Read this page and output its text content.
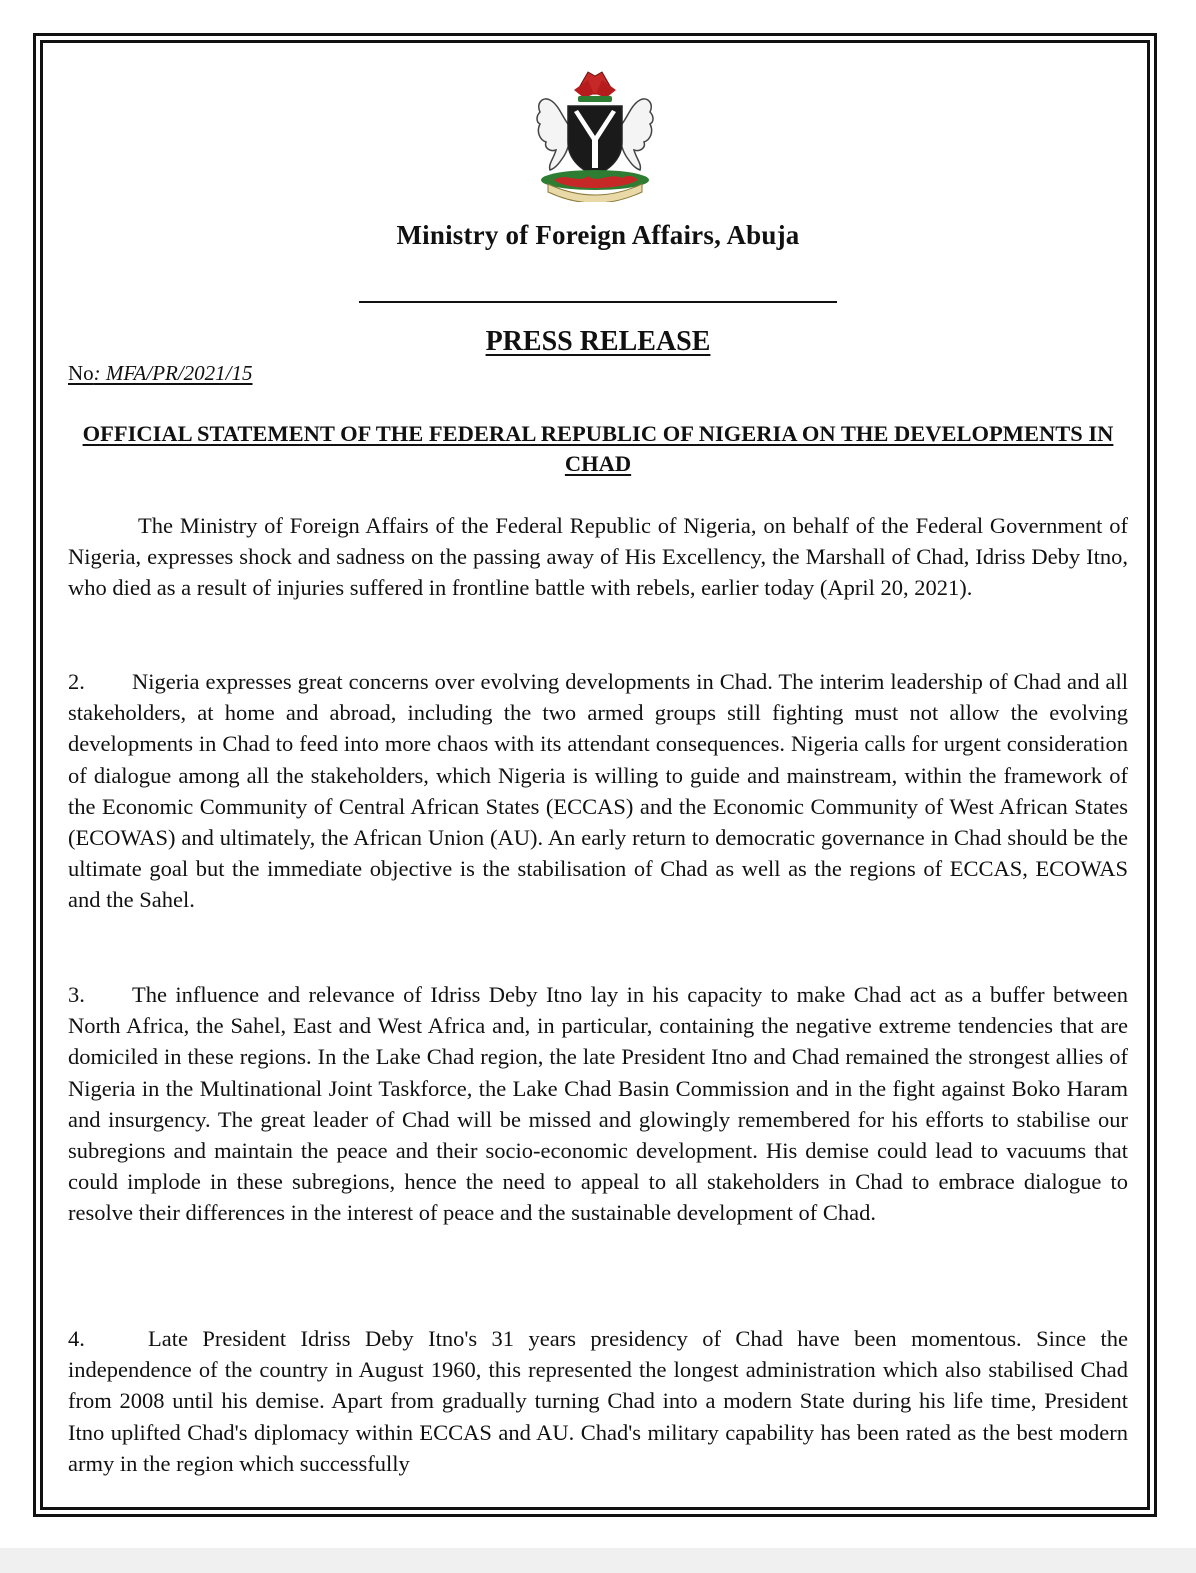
Ministry of Foreign Affairs, Abuja
PRESS RELEASE
No: MFA/PR/2021/15
OFFICIAL STATEMENT OF THE FEDERAL REPUBLIC OF NIGERIA ON THE DEVELOPMENTS IN CHAD

The Ministry of Foreign Affairs of the Federal Republic of Nigeria, on behalf of the Federal Government of Nigeria, expresses shock and sadness on the passing away of His Excellency, the Marshall of Chad, Idriss Deby Itno, who died as a result of injuries suffered in frontline battle with rebels, earlier today (April 20, 2021).

2. Nigeria expresses great concerns over evolving developments in Chad. The interim leadership of Chad and all stakeholders, at home and abroad, including the two armed groups still fighting must not allow the evolving developments in Chad to feed into more chaos with its attendant consequences. Nigeria calls for urgent consideration of dialogue among all the stakeholders, which Nigeria is willing to guide and mainstream, within the framework of the Economic Community of Central African States (ECCAS) and the Economic Community of West African States (ECOWAS) and ultimately, the African Union (AU). An early return to democratic governance in Chad should be the ultimate goal but the immediate objective is the stabilisation of Chad as well as the regions of ECCAS, ECOWAS and the Sahel.

3. The influence and relevance of Idriss Deby Itno lay in his capacity to make Chad act as a buffer between North Africa, the Sahel, East and West Africa and, in particular, containing the negative extreme tendencies that are domiciled in these regions. In the Lake Chad region, the late President Itno and Chad remained the strongest allies of Nigeria in the Multinational Joint Taskforce, the Lake Chad Basin Commission and in the fight against Boko Haram and insurgency. The great leader of Chad will be missed and glowingly remembered for his efforts to stabilise our subregions and maintain the peace and their socio-economic development. His demise could lead to vacuums that could implode in these subregions, hence the need to appeal to all stakeholders in Chad to embrace dialogue to resolve their differences in the interest of peace and the sustainable development of Chad.

4.	Late President Idriss Deby Itno's 31 years presidency of Chad have been momentous. Since the independence of the country in August 1960, this represented the longest administration which also stabilised Chad from 2008 until his demise. Apart from gradually turning Chad into a modern State during his life time, President Itno uplifted Chad's diplomacy within ECCAS and AU. Chad's military capability has been rated as the best modern army in the region which successfully
